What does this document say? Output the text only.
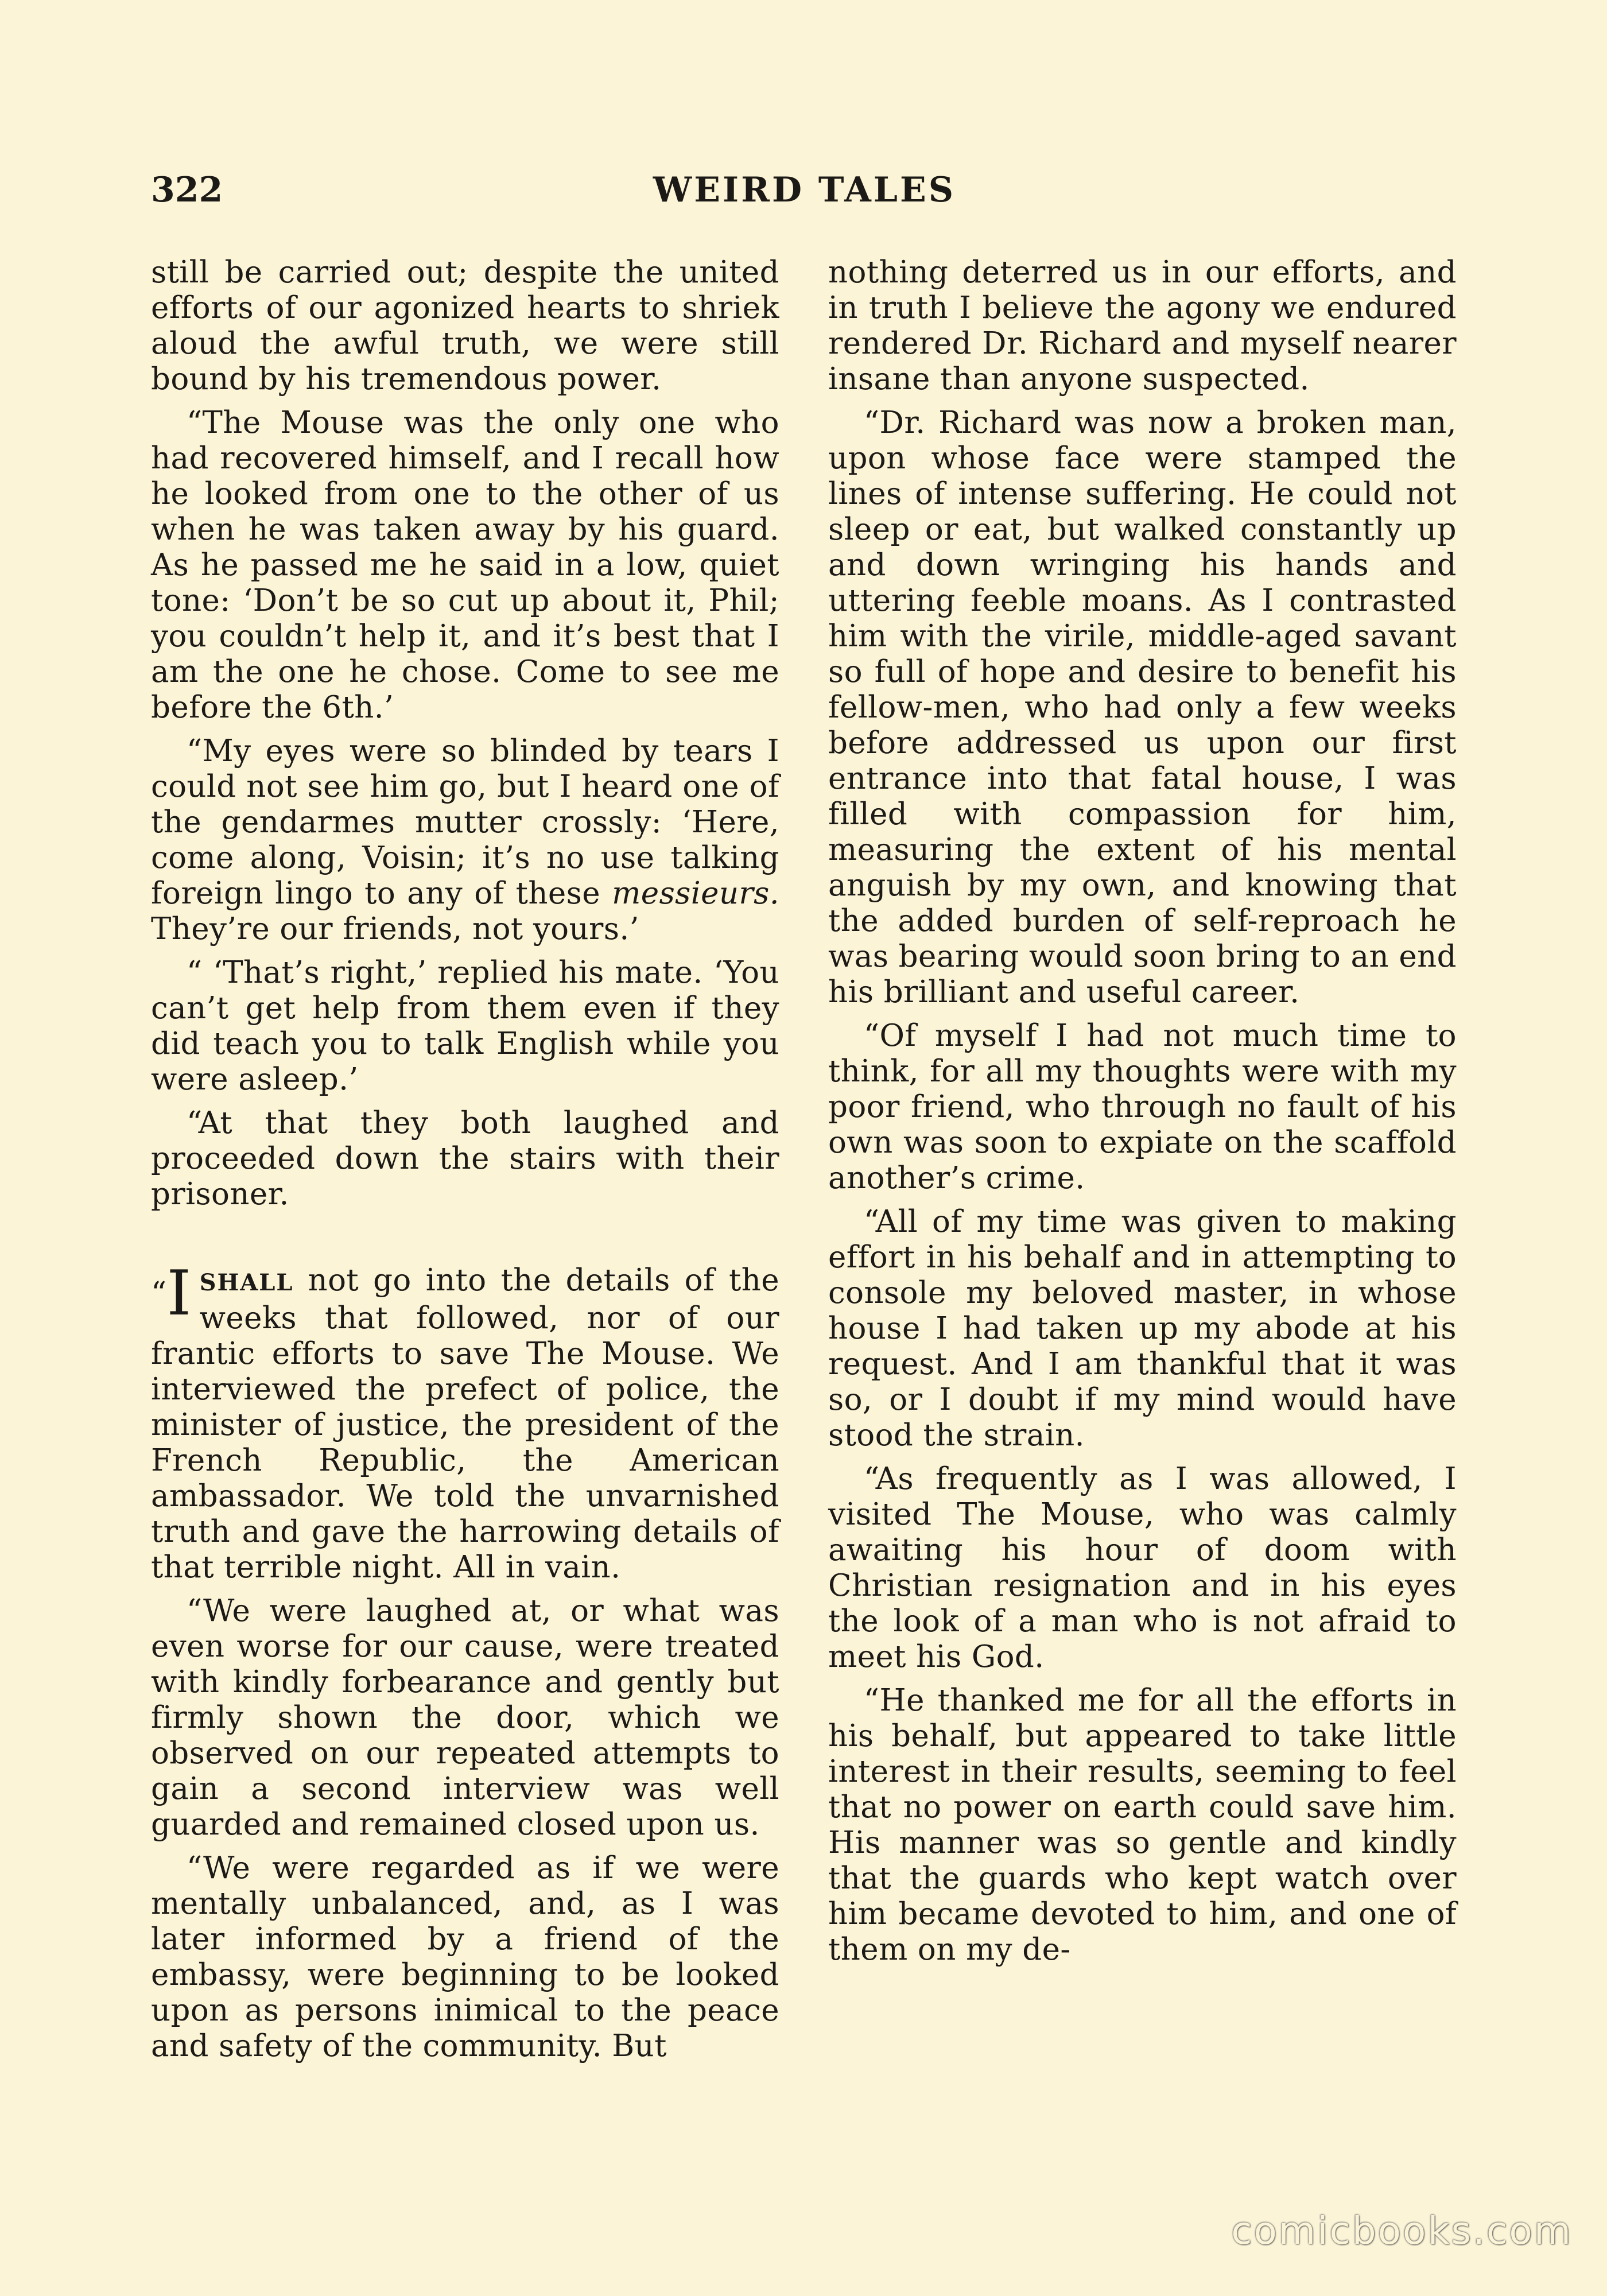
322	WEIRD TALES

still be carried out; despite the united efforts of our agonized hearts to shriek aloud the awful truth, we were still bound by his tremendous power.

“The Mouse was the only one who had recovered himself, and I recall how he looked from one to the other of us when he was taken away by his guard. As he passed me he said in a low, quiet tone: ‘Don’t be so cut up about it, Phil; you couldn’t help it, and it’s best that I am the one he chose. Come to see me before the 6th.’

“My eyes were so blinded by tears I could not see him go, but I heard one of the gendarmes mutter crossly: ‘Here, come along, Voisin; it’s no use talking foreign lingo to any of these messieurs. They’re our friends, not yours.’

“ ‘That’s right,’ replied his mate. ‘You can’t get help from them even if they did teach you to talk English while you were asleep.’

“At that they both laughed and proceeded down the stairs with their prisoner.

“I SHALL not go into the details of the weeks that followed, nor of our frantic efforts to save The Mouse. We interviewed the prefect of police, the minister of justice, the president of the French Republic, the American ambassador. We told the unvarnished truth and gave the harrowing details of that terrible night. All in vain.

“We were laughed at, or what was even worse for our cause, were treated with kindly forbearance and gently but firmly shown the door, which we observed on our repeated attempts to gain a second interview was well guarded and remained closed upon us.

“We were regarded as if we were mentally unbalanced, and, as I was later informed by a friend of the embassy, were beginning to be looked upon as persons inimical to the peace and safety of the community. But

nothing deterred us in our efforts, and in truth I believe the agony we endured rendered Dr. Richard and myself nearer insane than anyone suspected.

“Dr. Richard was now a broken man, upon whose face were stamped the lines of intense suffering. He could not sleep or eat, but walked constantly up and down wringing his hands and uttering feeble moans. As I contrasted him with the virile, middle-aged savant so full of hope and desire to benefit his fellow-men, who had only a few weeks before addressed us upon our first entrance into that fatal house, I was filled with compassion for him, measuring the extent of his mental anguish by my own, and knowing that the added burden of self-reproach he was bearing would soon bring to an end his brilliant and useful career.

“Of myself I had not much time to think, for all my thoughts were with my poor friend, who through no fault of his own was soon to expiate on the scaffold another’s crime.

“All of my time was given to making effort in his behalf and in attempting to console my beloved master, in whose house I had taken up my abode at his request. And I am thankful that it was so, or I doubt if my mind would have stood the strain.

“As frequently as I was allowed, I visited The Mouse, who was calmly awaiting his hour of doom with Christian resignation and in his eyes the look of a man who is not afraid to meet his God.

“He thanked me for all the efforts in his behalf, but appeared to take little interest in their results, seeming to feel that no power on earth could save him. His manner was so gentle and kindly that the guards who kept watch over him became devoted to him, and one of them on my de-

comicbooks.com
